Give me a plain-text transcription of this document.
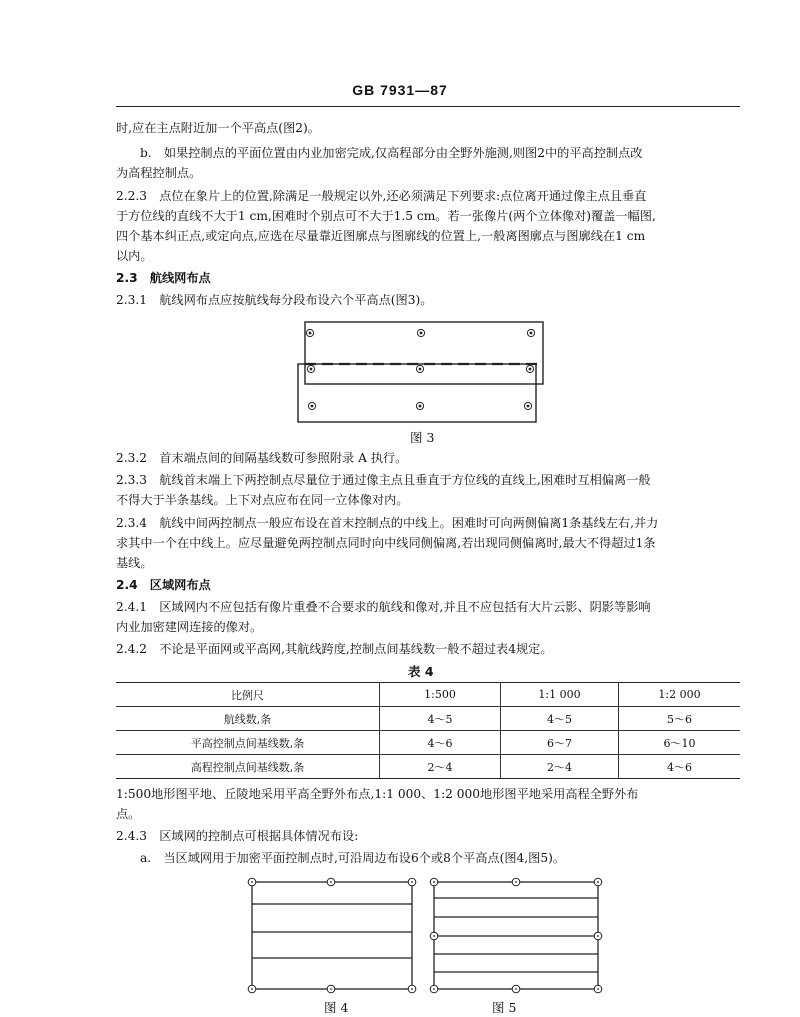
GB 7931—87
时,应在主点附近加一个平高点(图2)。
b.　如果控制点的平面位置由内业加密完成,仅高程部分由全野外施测,则图2中的平高控制点改
为高程控制点。
2.2.3　点位在象片上的位置,除满足一般规定以外,还必须满足下列要求:点位离开通过像主点且垂直
于方位线的直线不大于1 cm,困难时个别点可不大于1.5 cm。若一张像片(两个立体像对)覆盖一幅图,
四个基本纠正点,或定向点,应选在尽量靠近图廓点与图廓线的位置上,一般离图廓点与图廓线在1 cm
以内。
2.3　航线网布点
2.3.1　航线网布点应按航线每分段布设六个平高点(图3)。
图 3
2.3.2　首末端点间的间隔基线数可参照附录 A 执行。
2.3.3　航线首末端上下两控制点尽量位于通过像主点且垂直于方位线的直线上,困难时互相偏离一般
不得大于半条基线。上下对点应布在同一立体像对内。
2.3.4　航线中间两控制点一般应布设在首末控制点的中线上。困难时可向两侧偏离1条基线左右,并力
求其中一个在中线上。应尽量避免两控制点同时向中线同侧偏离,若出现同侧偏离时,最大不得超过1条
基线。
2.4　区域网布点
2.4.1　区域网内不应包括有像片重叠不合要求的航线和像对,并且不应包括有大片云影、阴影等影响
内业加密建网连接的像对。
2.4.2　不论是平面网或平高网,其航线跨度,控制点间基线数一般不超过表4规定。
表 4
比例尺	1:500	1:1 000	1:2 000
航线数,条	4～5	4～5	5～6
平高控制点间基线数,条	4～6	6～7	6～10
高程控制点间基线数,条	2～4	2～4	4～6
1:500地形图平地、丘陵地采用平高全野外布点,1:1 000、1:2 000地形图平地采用高程全野外布
点。
2.4.3　区域网的控制点可根据具体情况布设:
a.　当区域网用于加密平面控制点时,可沿周边布设6个或8个平高点(图4,图5)。
图 4	图 5
